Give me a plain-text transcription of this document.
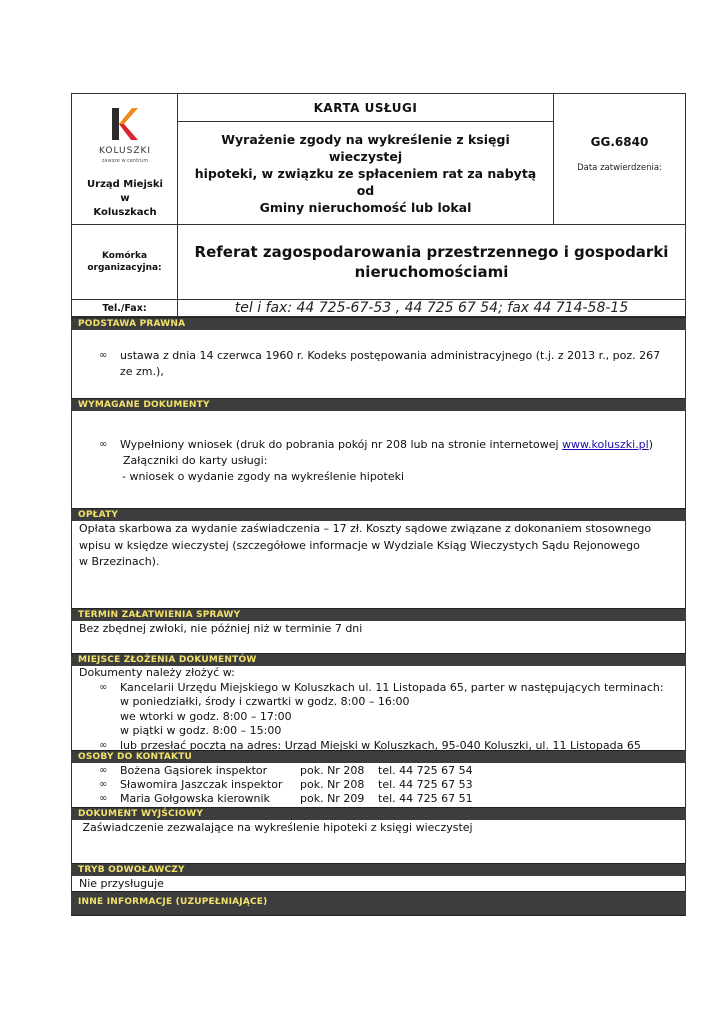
KOLUSZKI
zawsze w centrum
Urząd Miejski
w
Koluszkach
KARTA USŁUGI
Wyrażenie zgody na wykreślenie z księgi wieczystej
hipoteki, w związku ze spłaceniem rat za nabytą od
Gminy nieruchomość lub lokal
GG.6840
Data zatwierdzenia:
Komórka
organizacyjna:
Referat zagospodarowania przestrzennego i gospodarki
nieruchomościami
Tel./Fax:	tel i fax: 44 725-67-53 , 44 725 67 54; fax 44 714-58-15
PODSTAWA PRAWNA
∞ ustawa z dnia 14 czerwca 1960 r. Kodeks postępowania administracyjnego (t.j. z 2013 r., poz. 267
ze zm.),
WYMAGANE DOKUMENTY
∞ Wypełniony wniosek (druk do pobrania pokój nr 208 lub na stronie internetowej www.koluszki.pl)
Załączniki do karty usługi:
- wniosek o wydanie zgody na wykreślenie hipoteki
OPŁATY
Opłata skarbowa za wydanie zaświadczenia – 17 zł. Koszty sądowe związane z dokonaniem stosownego
wpisu w księdze wieczystej (szczegółowe informacje w Wydziale Ksiąg Wieczystych Sądu Rejonowego
w Brzezinach).
TERMIN ZAŁATWIENIA SPRAWY
Bez zbędnej zwłoki, nie później niż w terminie 7 dni
MIEJSCE ZŁOŻENIA DOKUMENTÓW
Dokumenty należy złożyć w:
∞ Kancelarii Urzędu Miejskiego w Koluszkach ul. 11 Listopada 65, parter w następujących terminach:
w poniedziałki, środy i czwartki w godz. 8:00 – 16:00
we wtorki w godz. 8:00 – 17:00
w piątki w godz. 8:00 – 15:00
∞ lub przesłać pocztą na adres: Urząd Miejski w Koluszkach, 95-040 Koluszki, ul. 11 Listopada 65
OSOBY DO KONTAKTU
∞ Bożena Gąsiorek inspektor	pok. Nr 208	tel. 44 725 67 54
∞ Sławomira Jaszczak inspektor	pok. Nr 208	tel. 44 725 67 53
∞ Maria Gołgowska kierownik	pok. Nr 209	tel. 44 725 67 51
DOKUMENT WYJŚCIOWY
Zaświadczenie zezwalające na wykreślenie hipoteki z księgi wieczystej
TRYB ODWOŁAWCZY
Nie przysługuje
INNE INFORMACJE (UZUPEŁNIAJĄCE)
